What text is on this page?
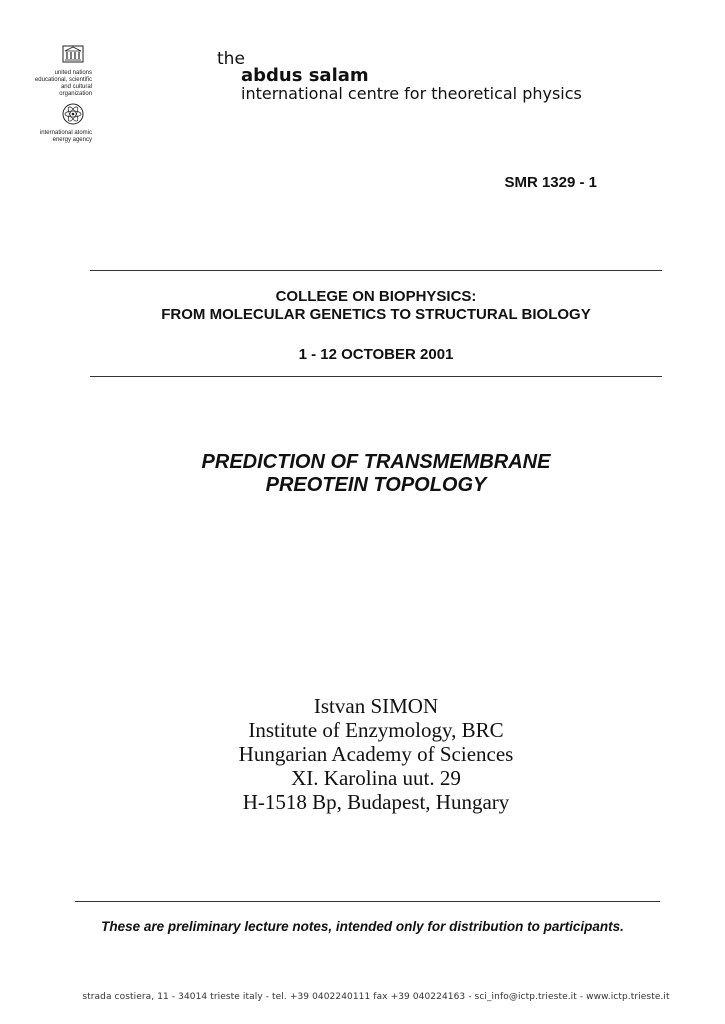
united nations
educational, scientific
and cultural
organization
international atomic
energy agency
the
abdus salam
international centre for theoretical physics
SMR 1329 - 1
COLLEGE ON BIOPHYSICS:
FROM MOLECULAR GENETICS TO STRUCTURAL BIOLOGY
1 - 12 OCTOBER 2001
PREDICTION OF TRANSMEMBRANE
PREOTEIN TOPOLOGY
Istvan SIMON
Institute of Enzymology, BRC
Hungarian Academy of Sciences
XI. Karolina uut. 29
H-1518 Bp, Budapest, Hungary
These are preliminary lecture notes, intended only for distribution to participants.
strada costiera, 11 - 34014 trieste italy - tel. +39 0402240111 fax +39 040224163 - sci_info@ictp.trieste.it - www.ictp.trieste.it
